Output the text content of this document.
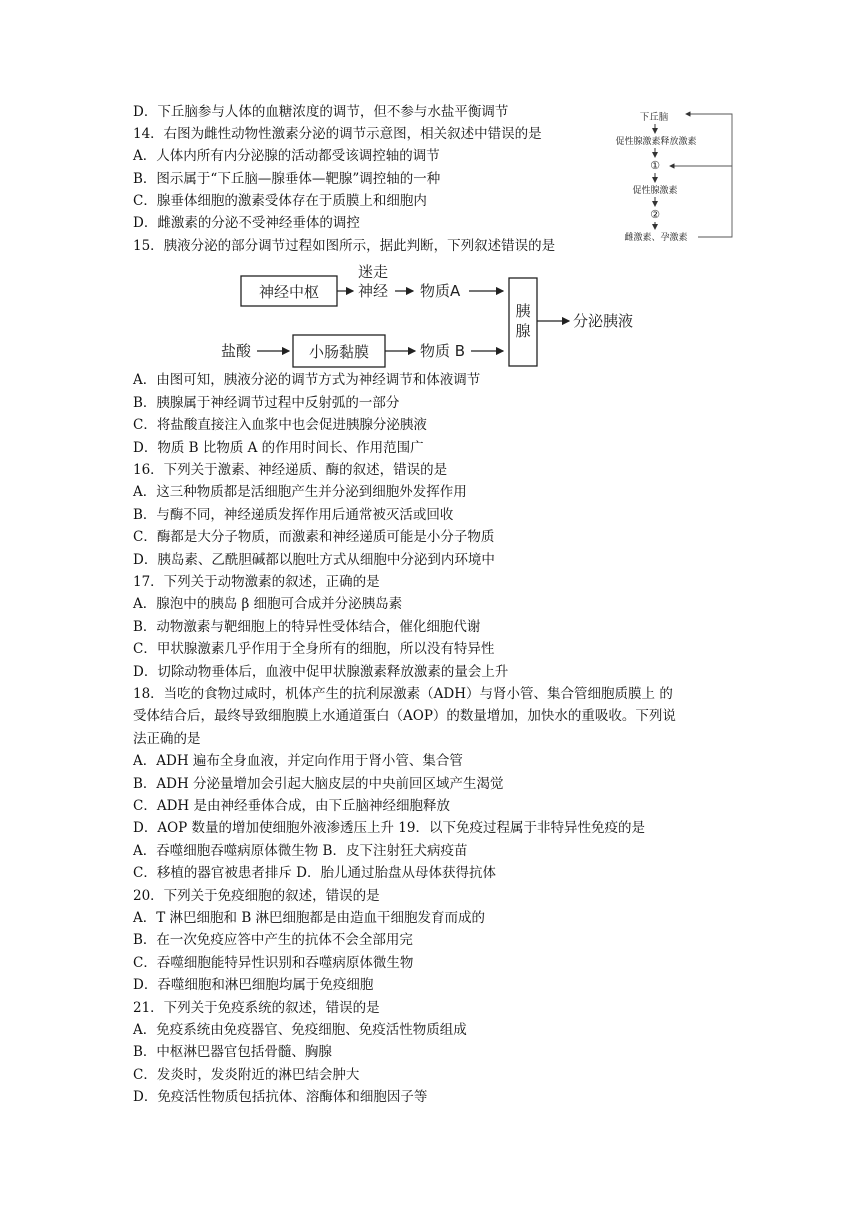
D．下丘脑参与人体的血糖浓度的调节，但不参与水盐平衡调节
14．右图为雌性动物性激素分泌的调节示意图，相关叙述中错误的是
A．人体内所有内分泌腺的活动都受该调控轴的调节
B．图示属于“下丘脑—腺垂体—靶腺”调控轴的一种
C．腺垂体细胞的激素受体存在于质膜上和细胞内
D．雌激素的分泌不受神经垂体的调控
15．胰液分泌的部分调节过程如图所示，据此判断，下列叙述错误的是
A．由图可知，胰液分泌的调节方式为神经调节和体液调节
B．胰腺属于神经调节过程中反射弧的一部分
C．将盐酸直接注入血浆中也会促进胰腺分泌胰液
D．物质 B 比物质 A 的作用时间长、作用范围广
16．下列关于激素、神经递质、酶的叙述，错误的是
A．这三种物质都是活细胞产生并分泌到细胞外发挥作用
B．与酶不同，神经递质发挥作用后通常被灭活或回收
C．酶都是大分子物质，而激素和神经递质可能是小分子物质
D．胰岛素、乙酰胆碱都以胞吐方式从细胞中分泌到内环境中
17．下列关于动物激素的叙述，正确的是
A．腺泡中的胰岛 β 细胞可合成并分泌胰岛素
B．动物激素与靶细胞上的特异性受体结合，催化细胞代谢
C．甲状腺激素几乎作用于全身所有的细胞，所以没有特异性
D．切除动物垂体后，血液中促甲状腺激素释放激素的量会上升
18．当吃的食物过咸时，机体产生的抗利尿激素（ADH）与肾小管、集合管细胞质膜上 的
受体结合后，最终导致细胞膜上水通道蛋白（AOP）的数量增加，加快水的重吸收。下列说
法正确的是
A．ADH 遍布全身血液，并定向作用于肾小管、集合管
B．ADH 分泌量增加会引起大脑皮层的中央前回区域产生渴觉
C．ADH 是由神经垂体合成，由下丘脑神经细胞释放
D．AOP 数量的增加使细胞外液渗透压上升 19．以下免疫过程属于非特异性免疫的是
A．吞噬细胞吞噬病原体微生物 B．皮下注射狂犬病疫苗
C．移植的器官被患者排斥 D．胎儿通过胎盘从母体获得抗体
20．下列关于免疫细胞的叙述，错误的是
A．T 淋巴细胞和 B 淋巴细胞都是由造血干细胞发育而成的
B．在一次免疫应答中产生的抗体不会全部用完
C．吞噬细胞能特异性识别和吞噬病原体微生物
D．吞噬细胞和淋巴细胞均属于免疫细胞
21．下列关于免疫系统的叙述，错误的是
A．免疫系统由免疫器官、免疫细胞、免疫活性物质组成
B．中枢淋巴器官包括骨髓、胸腺
C．发炎时，发炎附近的淋巴结会肿大
D．免疫活性物质包括抗体、溶酶体和细胞因子等
下丘脑
促性腺激素释放激素
①
促性腺激素
②
雌激素、孕激素
神经中枢
迷走
神经 物质A
盐酸	小肠黏膜	物质 B
胰
腺
分泌胰液
